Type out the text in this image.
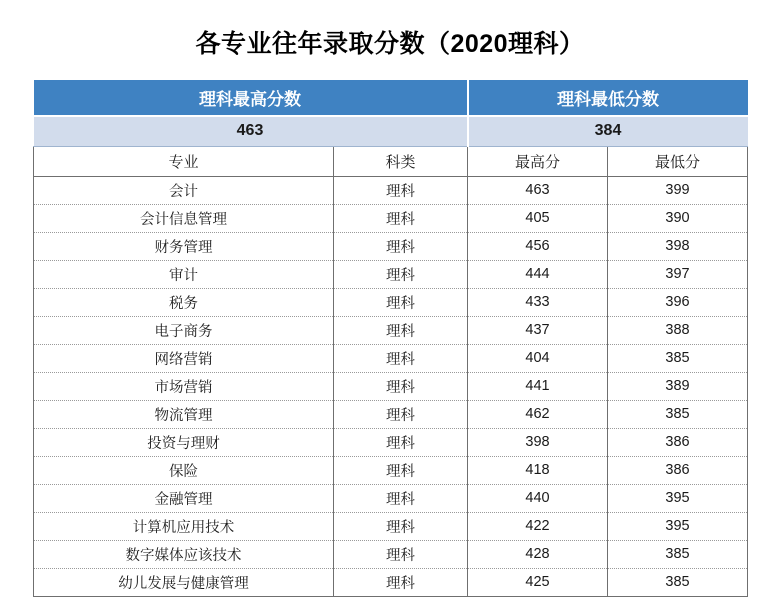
各专业往年录取分数（2020理科）
理科最高分数		理科最低分数	
463		384	
专业	科类	最高分	最低分
会计	理科	463	399
会计信息管理	理科	405	390
财务管理	理科	456	398
审计	理科	444	397
税务	理科	433	396
电子商务	理科	437	388
网络营销	理科	404	385
市场营销	理科	441	389
物流管理	理科	462	385
投资与理财	理科	398	386
保险	理科	418	386
金融管理	理科	440	395
计算机应用技术	理科	422	395
数字媒体应该技术	理科	428	385
幼儿发展与健康管理	理科	425	385
